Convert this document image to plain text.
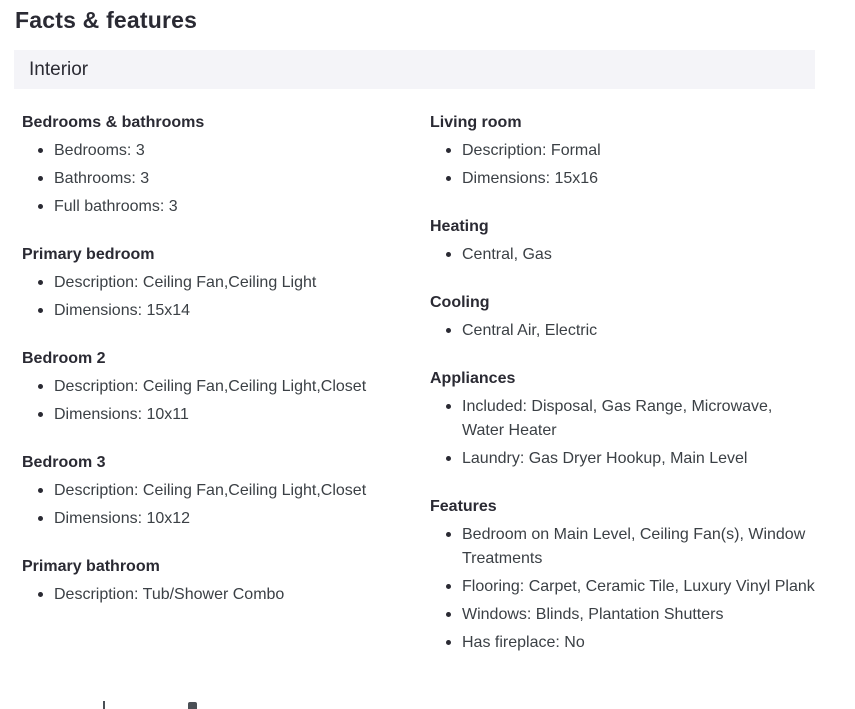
Facts & features
Interior
Bedrooms & bathrooms
Bedrooms: 3
Bathrooms: 3
Full bathrooms: 3
Primary bedroom
Description: Ceiling Fan,Ceiling Light
Dimensions: 15x14
Bedroom 2
Description: Ceiling Fan,Ceiling Light,Closet
Dimensions: 10x11
Bedroom 3
Description: Ceiling Fan,Ceiling Light,Closet
Dimensions: 10x12
Primary bathroom
Description: Tub/Shower Combo
Living room
Description: Formal
Dimensions: 15x16
Heating
Central, Gas
Cooling
Central Air, Electric
Appliances
Included: Disposal, Gas Range, Microwave, Water Heater
Laundry: Gas Dryer Hookup, Main Level
Features
Bedroom on Main Level, Ceiling Fan(s), Window Treatments
Flooring: Carpet, Ceramic Tile, Luxury Vinyl Plank
Windows: Blinds, Plantation Shutters
Has fireplace: No
